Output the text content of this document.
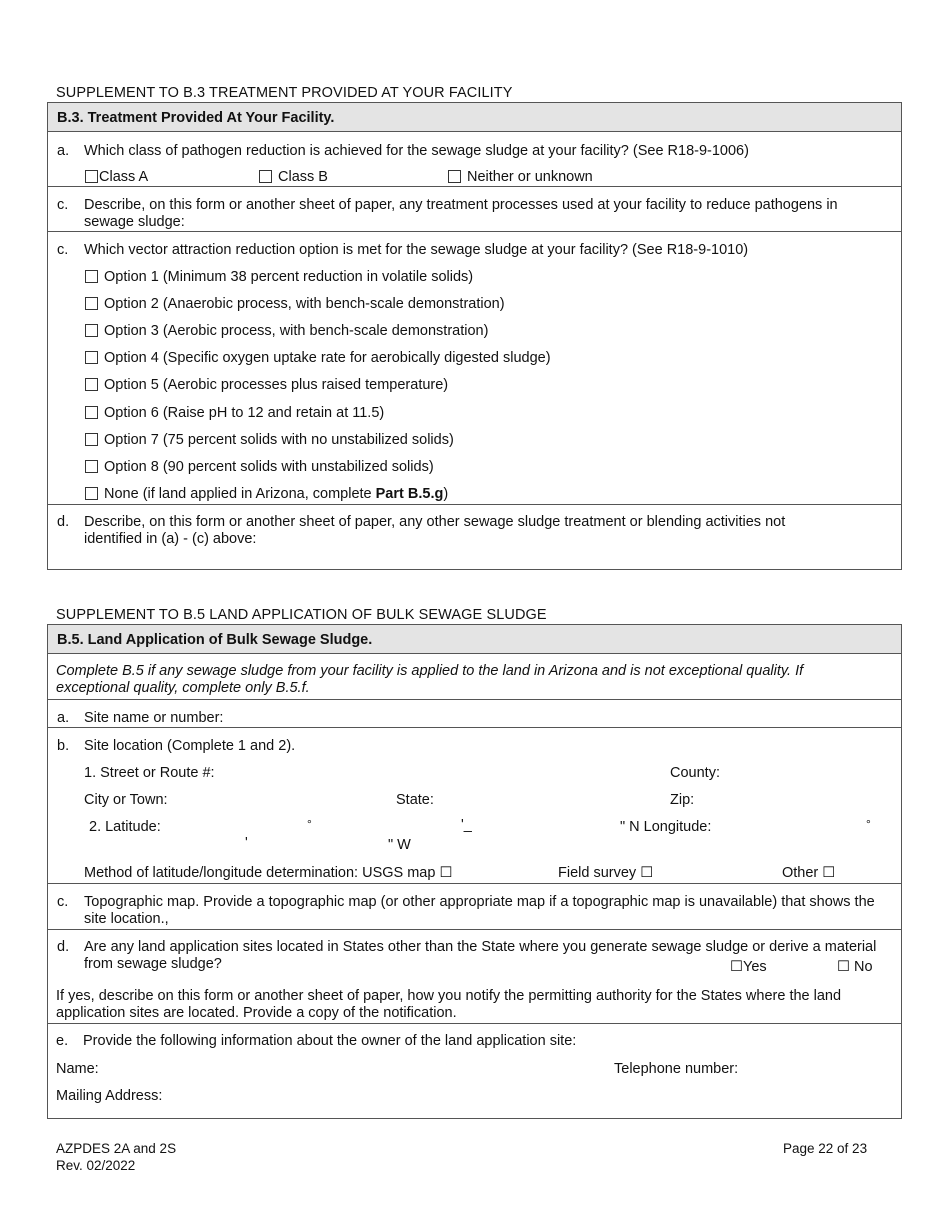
SUPPLEMENT TO B.3 TREATMENT PROVIDED AT YOUR FACILITY
B.3. Treatment Provided At Your Facility.
a. Which class of pathogen reduction is achieved for the sewage sludge at your facility? (See R18-9-1006)
Class A	Class B	Neither or unknown
c. Describe, on this form or another sheet of paper, any treatment processes used at your facility to reduce pathogens in sewage sludge:
c. Which vector attraction reduction option is met for the sewage sludge at your facility? (See R18-9-1010)
Option 1 (Minimum 38 percent reduction in volatile solids)
Option 2 (Anaerobic process, with bench-scale demonstration)
Option 3 (Aerobic process, with bench-scale demonstration)
Option 4 (Specific oxygen uptake rate for aerobically digested sludge)
Option 5 (Aerobic processes plus raised temperature)
Option 6 (Raise pH to 12 and retain at 11.5)
Option 7 (75 percent solids with no unstabilized solids)
Option 8 (90 percent solids with unstabilized solids)
None (if land applied in Arizona, complete Part B.5.g)
d. Describe, on this form or another sheet of paper, any other sewage sludge treatment or blending activities not identified in (a) - (c) above:
SUPPLEMENT TO B.5 LAND APPLICATION OF BULK SEWAGE SLUDGE
B.5. Land Application of Bulk Sewage Sludge.
Complete B.5 if any sewage sludge from your facility is applied to the land in Arizona and is not exceptional quality. If exceptional quality, complete only B.5.f.
a. Site name or number:
b. Site location (Complete 1 and 2).
1. Street or Route #:	County:
City or Town:	State:	Zip:
2. Latitude:	°	'_	" N Longitude:	°
'	" W
Method of latitude/longitude determination: USGS map ☐	Field survey ☐	Other ☐
c. Topographic map. Provide a topographic map (or other appropriate map if a topographic map is unavailable) that shows the site location.,
d. Are any land application sites located in States other than the State where you generate sewage sludge or derive a material from sewage sludge?	☐Yes	☐ No
If yes, describe on this form or another sheet of paper, how you notify the permitting authority for the States where the land application sites are located. Provide a copy of the notification.
e. Provide the following information about the owner of the land application site:
Name:	Telephone number:
Mailing Address:
AZPDES 2A and 2S
Rev. 02/2022
Page 22 of 23
